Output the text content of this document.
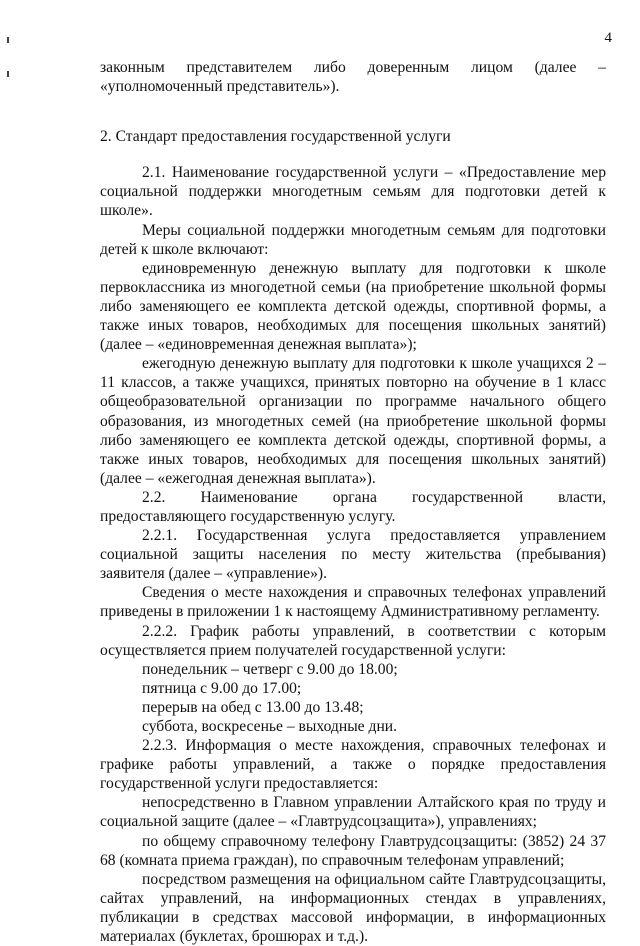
4

законным представителем либо доверенным лицом (далее – «уполномоченный представитель»).

2. Стандарт предоставления государственной услуги

2.1. Наименование государственной услуги – «Предоставление мер социальной поддержки многодетным семьям для подготовки детей к школе».

Меры социальной поддержки многодетным семьям для подготовки детей к школе включают:

единовременную денежную выплату для подготовки к школе первоклассника из многодетной семьи (на приобретение школьной формы либо заменяющего ее комплекта детской одежды, спортивной формы, а также иных товаров, необходимых для посещения школьных занятий) (далее – «единовременная денежная выплата»);

ежегодную денежную выплату для подготовки к школе учащихся 2 – 11 классов, а также учащихся, принятых повторно на обучение в 1 класс общеобразовательной организации по программе начального общего образования, из многодетных семей (на приобретение школьной формы либо заменяющего ее комплекта детской одежды, спортивной формы, а также иных товаров, необходимых для посещения школьных занятий) (далее – «ежегодная денежная выплата»).

2.2. Наименование органа государственной власти, предоставляющего государственную услугу.

2.2.1. Государственная услуга предоставляется управлением социальной защиты населения по месту жительства (пребывания) заявителя (далее – «управление»).

Сведения о месте нахождения и справочных телефонах управлений приведены в приложении 1 к настоящему Административному регламенту.

2.2.2. График работы управлений, в соответствии с которым осуществляется прием получателей государственной услуги:

понедельник – четверг с 9.00 до 18.00;

пятница с 9.00 до 17.00;

перерыв на обед с 13.00 до 13.48;

суббота, воскресенье – выходные дни.

2.2.3. Информация о месте нахождения, справочных телефонах и графике работы управлений, а также о порядке предоставления государственной услуги предоставляется:

непосредственно в Главном управлении Алтайского края по труду и социальной защите (далее – «Главтрудсоцзащита»), управлениях;

по общему справочному телефону Главтрудсоцзащиты: (3852) 24 37 68 (комната приема граждан), по справочным телефонам управлений;

посредством размещения на официальном сайте Главтрудсоцзащиты, сайтах управлений, на информационных стендах в управлениях, публикации в средствах массовой информации, в информационных материалах (буклетах, брошюрах и т.д.).
